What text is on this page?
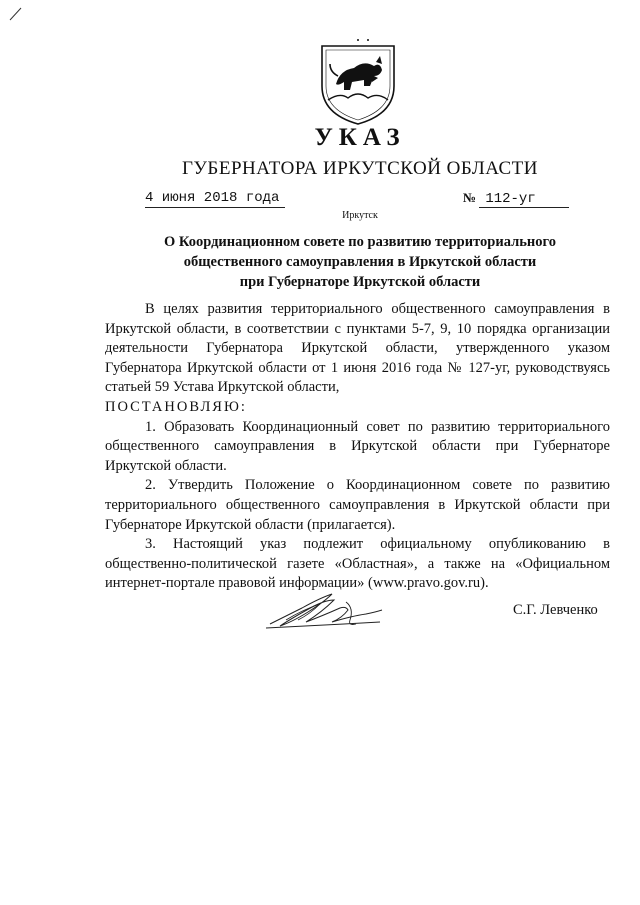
УКАЗ
ГУБЕРНАТОРА ИРКУТСКОЙ ОБЛАСТИ
4 июня 2018 года	№ 112-уг
Иркутск
О Координационном совете по развитию территориального
общественного самоуправления в Иркутской области
при Губернаторе Иркутской области

В целях развития территориального общественного самоуправления в Иркутской области, в соответствии с пунктами 5-7, 9, 10 порядка организации деятельности Губернатора Иркутской области, утвержденного указом Губернатора Иркутской области от 1 июня 2016 года № 127-уг, руководствуясь статьей 59 Устава Иркутской области,

ПОСТАНОВЛЯЮ:

1. Образовать Координационный совет по развитию территориального общественного самоуправления в Иркутской области при Губернаторе Иркутской области.

2. Утвердить Положение о Координационном совете по развитию территориального общественного самоуправления в Иркутской области при Губернаторе Иркутской области (прилагается).

3. Настоящий указ подлежит официальному опубликованию в общественно-политической газете «Областная», а также на «Официальном интернет-портале правовой информации» (www.pravo.gov.ru).

С.Г. Левченко
